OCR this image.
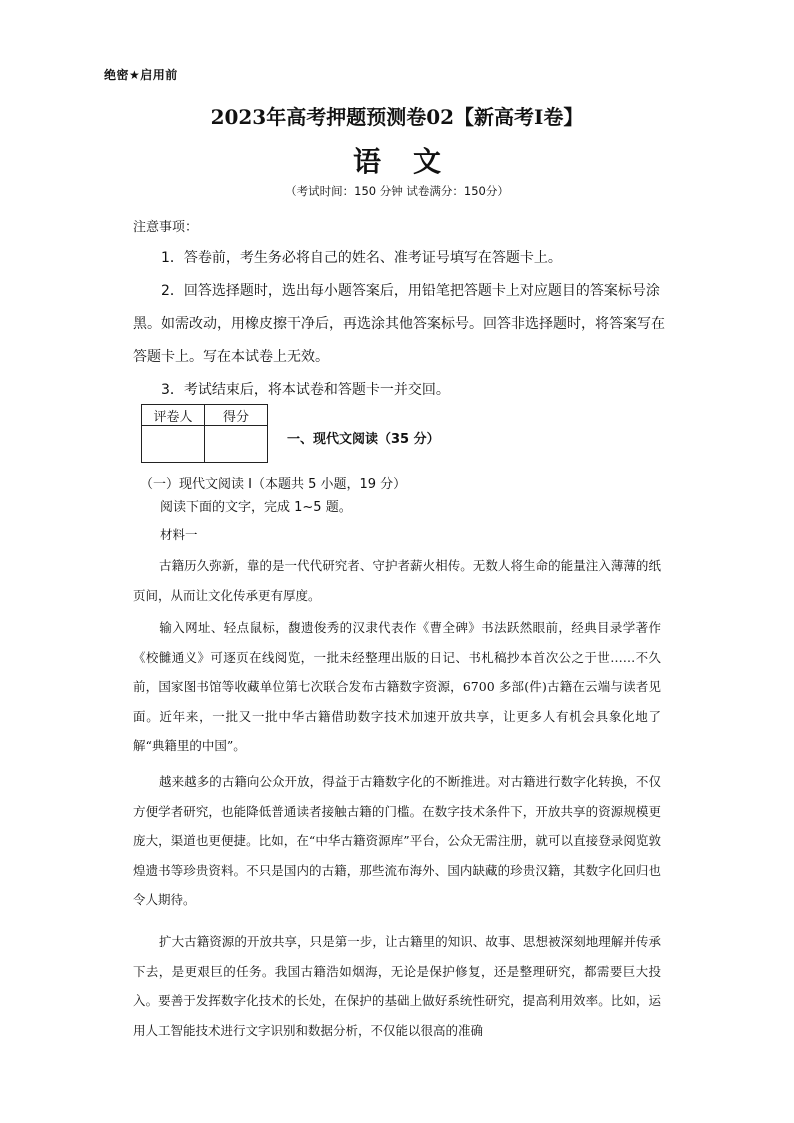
绝密★启用前
2023年高考押题预测卷02【新高考I卷】
语 文
（考试时间：150 分钟 试卷满分：150分）
注意事项：
1．答卷前，考生务必将自己的姓名、准考证号填写在答题卡上。
2．回答选择题时，选出每小题答案后，用铅笔把答题卡上对应题目的答案标号涂黑。如需改动，用橡皮擦干净后，再选涂其他答案标号。回答非选择题时，将答案写在答题卡上。写在本试卷上无效。
3．考试结束后，将本试卷和答题卡一并交回。
评卷人	得分

一、现代文阅读（35 分）
（一）现代文阅读 I（本题共 5 小题，19 分）
阅读下面的文字，完成 1~5 题。
材料一
古籍历久弥新，靠的是一代代研究者、守护者薪火相传。无数人将生命的能量注入薄薄的纸页间，从而让文化传承更有厚度。
输入网址、轻点鼠标，馥遗俊秀的汉隶代表作《曹全碑》书法跃然眼前，经典目录学著作《校雠通义》可逐页在线阅览，一批未经整理出版的日记、书札稿抄本首次公之于世……不久前，国家图书馆等收藏单位第七次联合发布古籍数字资源，6700 多部(件)古籍在云端与读者见面。近年来，一批又一批中华古籍借助数字技术加速开放共享，让更多人有机会具象化地了解“典籍里的中国”。
越来越多的古籍向公众开放，得益于古籍数字化的不断推进。对古籍进行数字化转换，不仅方便学者研究，也能降低普通读者接触古籍的门槛。在数字技术条件下，开放共享的资源规模更庞大，渠道也更便捷。比如，在“中华古籍资源库”平台，公众无需注册，就可以直接登录阅览敦煌遗书等珍贵资料。不只是国内的古籍，那些流布海外、国内缺藏的珍贵汉籍，其数字化回归也令人期待。
扩大古籍资源的开放共享，只是第一步，让古籍里的知识、故事、思想被深刻地理解并传承下去，是更艰巨的任务。我国古籍浩如烟海，无论是保护修复，还是整理研究，都需要巨大投入。要善于发挥数字化技术的长处，在保护的基础上做好系统性研究，提高利用效率。比如，运用人工智能技术进行文字识别和数据分析，不仅能以很高的准确
